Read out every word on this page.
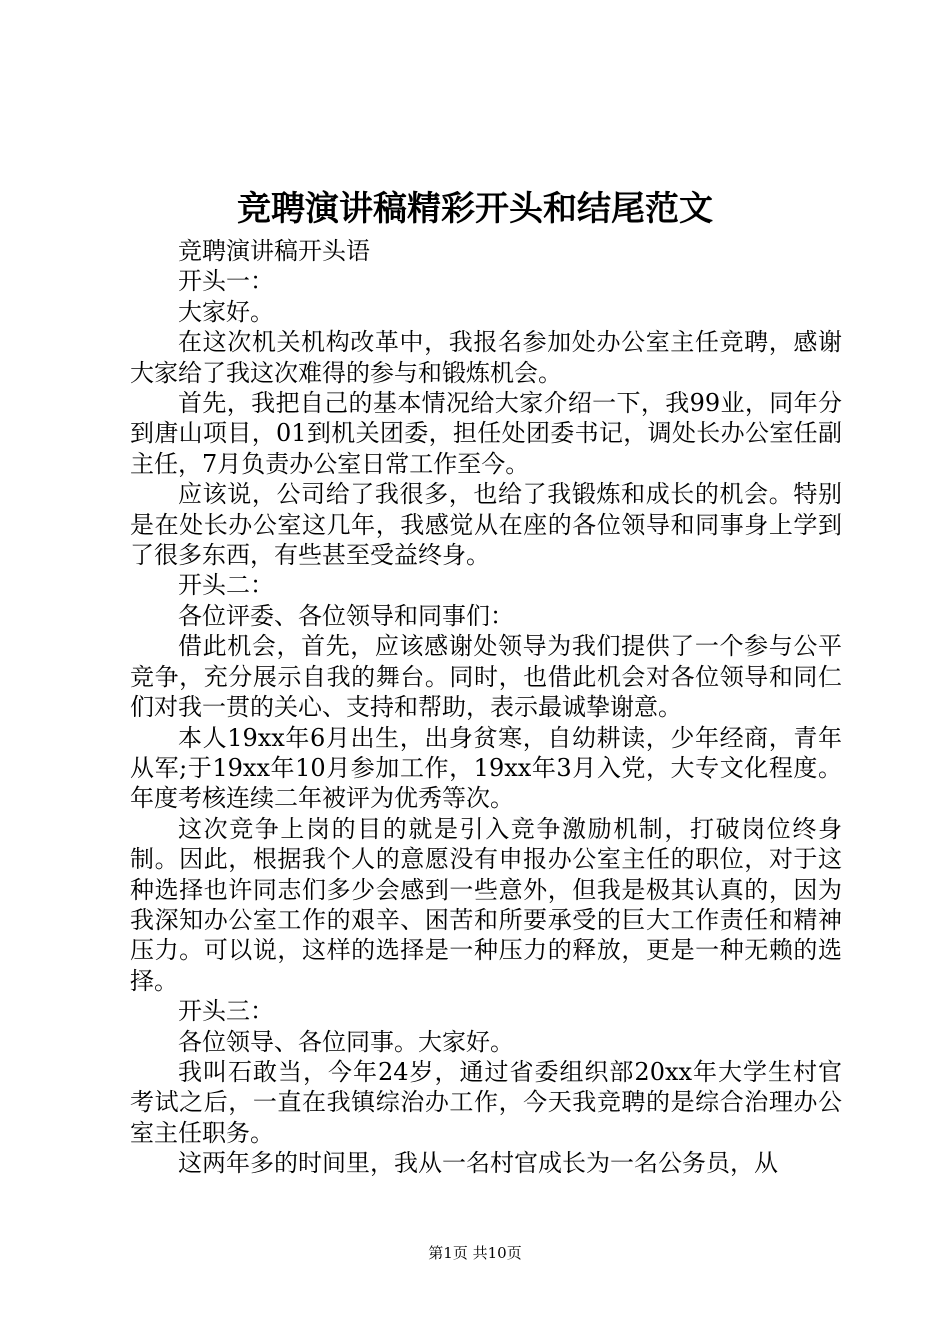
竞聘演讲稿精彩开头和结尾范文

竞聘演讲稿开头语

开头一：

大家好。

在这次机关机构改革中，我报名参加处办公室主任竞聘，感谢大家给了我这次难得的参与和锻炼机会。

首先，我把自己的基本情况给大家介绍一下，我99业，同年分到唐山项目，01到机关团委，担任处团委书记，调处长办公室任副主任，7月负责办公室日常工作至今。

应该说，公司给了我很多，也给了我锻炼和成长的机会。特别是在处长办公室这几年，我感觉从在座的各位领导和同事身上学到了很多东西，有些甚至受益终身。

开头二：

各位评委、各位领导和同事们：

借此机会，首先，应该感谢处领导为我们提供了一个参与公平竞争，充分展示自我的舞台。同时，也借此机会对各位领导和同仁们对我一贯的关心、支持和帮助，表示最诚挚谢意。

本人19xx年6月出生，出身贫寒，自幼耕读，少年经商，青年从军;于19xx年10月参加工作，19xx年3月入党，大专文化程度。年度考核连续二年被评为优秀等次。

这次竞争上岗的目的就是引入竞争激励机制，打破岗位终身制。因此，根据我个人的意愿没有申报办公室主任的职位，对于这种选择也许同志们多少会感到一些意外，但我是极其认真的，因为我深知办公室工作的艰辛、困苦和所要承受的巨大工作责任和精神压力。可以说，这样的选择是一种压力的释放，更是一种无赖的选择。

开头三：

各位领导、各位同事。大家好。

我叫石敢当，今年24岁，通过省委组织部20xx年大学生村官考试之后，一直在我镇综治办工作，今天我竞聘的是综合治理办公室主任职务。

这两年多的时间里，我从一名村官成长为一名公务员，从

第1页 共10页
